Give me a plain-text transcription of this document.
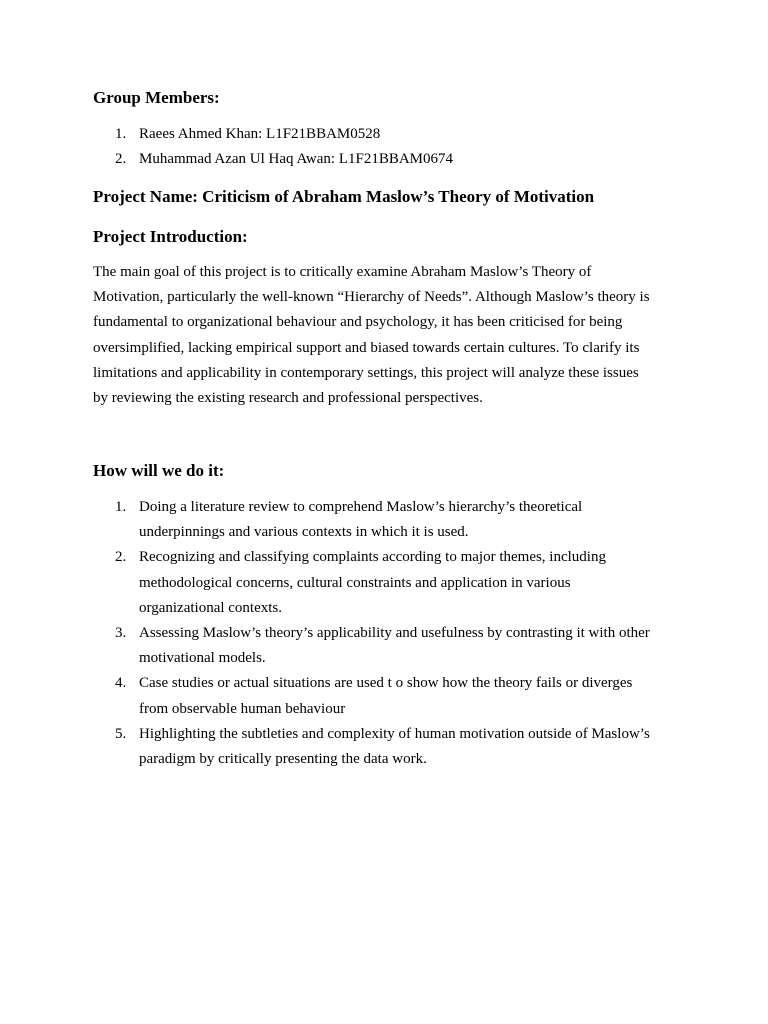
Group Members:
1. Raees Ahmed Khan: L1F21BBAM0528
2. Muhammad Azan Ul Haq Awan: L1F21BBAM0674
Project Name: Criticism of Abraham Maslow’s Theory of Motivation
Project Introduction:

The main goal of this project is to critically examine Abraham Maslow’s Theory of
Motivation, particularly the well-known “Hierarchy of Needs”. Although Maslow’s theory is
fundamental to organizational behaviour and psychology, it has been criticised for being
oversimplified, lacking empirical support and biased towards certain cultures. To clarify its
limitations and applicability in contemporary settings, this project will analyze these issues
by reviewing the existing research and professional perspectives.

How will we do it:
1. Doing a literature review to comprehend Maslow’s hierarchy’s theoretical
underpinnings and various contexts in which it is used.
2. Recognizing and classifying complaints according to major themes, including
methodological concerns, cultural constraints and application in various
organizational contexts.
3. Assessing Maslow’s theory’s applicability and usefulness by contrasting it with other
motivational models.
4. Case studies or actual situations are used t o show how the theory fails or diverges
from observable human behaviour
5. Highlighting the subtleties and complexity of human motivation outside of Maslow’s
paradigm by critically presenting the data work.
